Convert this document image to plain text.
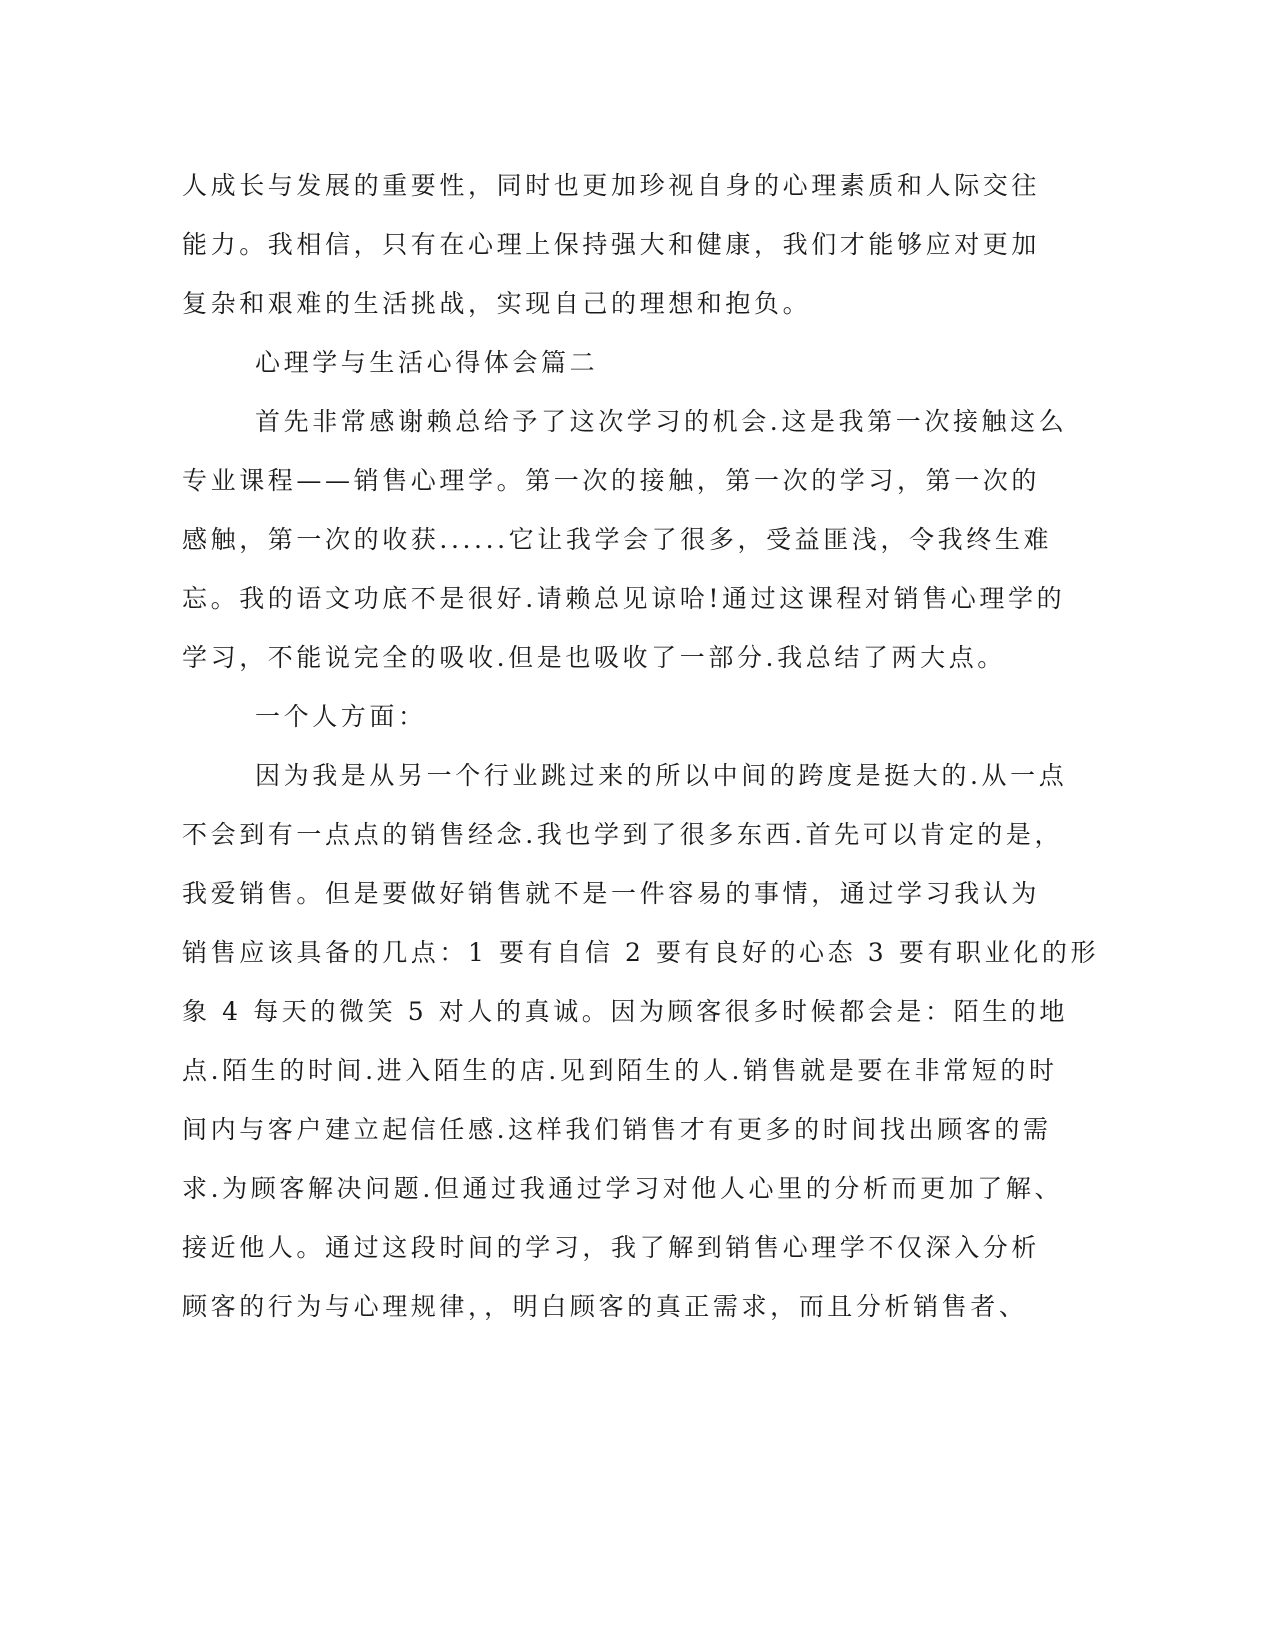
人成长与发展的重要性，同时也更加珍视自身的心理素质和人际交往
能力。我相信，只有在心理上保持强大和健康，我们才能够应对更加
复杂和艰难的生活挑战，实现自己的理想和抱负。
心理学与生活心得体会篇二
首先非常感谢赖总给予了这次学习的机会.这是我第一次接触这么
专业课程——销售心理学。第一次的接触，第一次的学习，第一次的
感触，第一次的收获......它让我学会了很多，受益匪浅，令我终生难
忘。我的语文功底不是很好.请赖总见谅哈!通过这课程对销售心理学的
学习，不能说完全的吸收.但是也吸收了一部分.我总结了两大点。
一个人方面：
因为我是从另一个行业跳过来的所以中间的跨度是挺大的.从一点
不会到有一点点的销售经念.我也学到了很多东西.首先可以肯定的是，
我爱销售。但是要做好销售就不是一件容易的事情，通过学习我认为
销售应该具备的几点：1 要有自信 2 要有良好的心态 3 要有职业化的形
象 4 每天的微笑 5 对人的真诚。因为顾客很多时候都会是：陌生的地
点.陌生的时间.进入陌生的店.见到陌生的人.销售就是要在非常短的时
间内与客户建立起信任感.这样我们销售才有更多的时间找出顾客的需
求.为顾客解决问题.但通过我通过学习对他人心里的分析而更加了解、
接近他人。通过这段时间的学习，我了解到销售心理学不仅深入分析
顾客的行为与心理规律，，明白顾客的真正需求，而且分析销售者、
